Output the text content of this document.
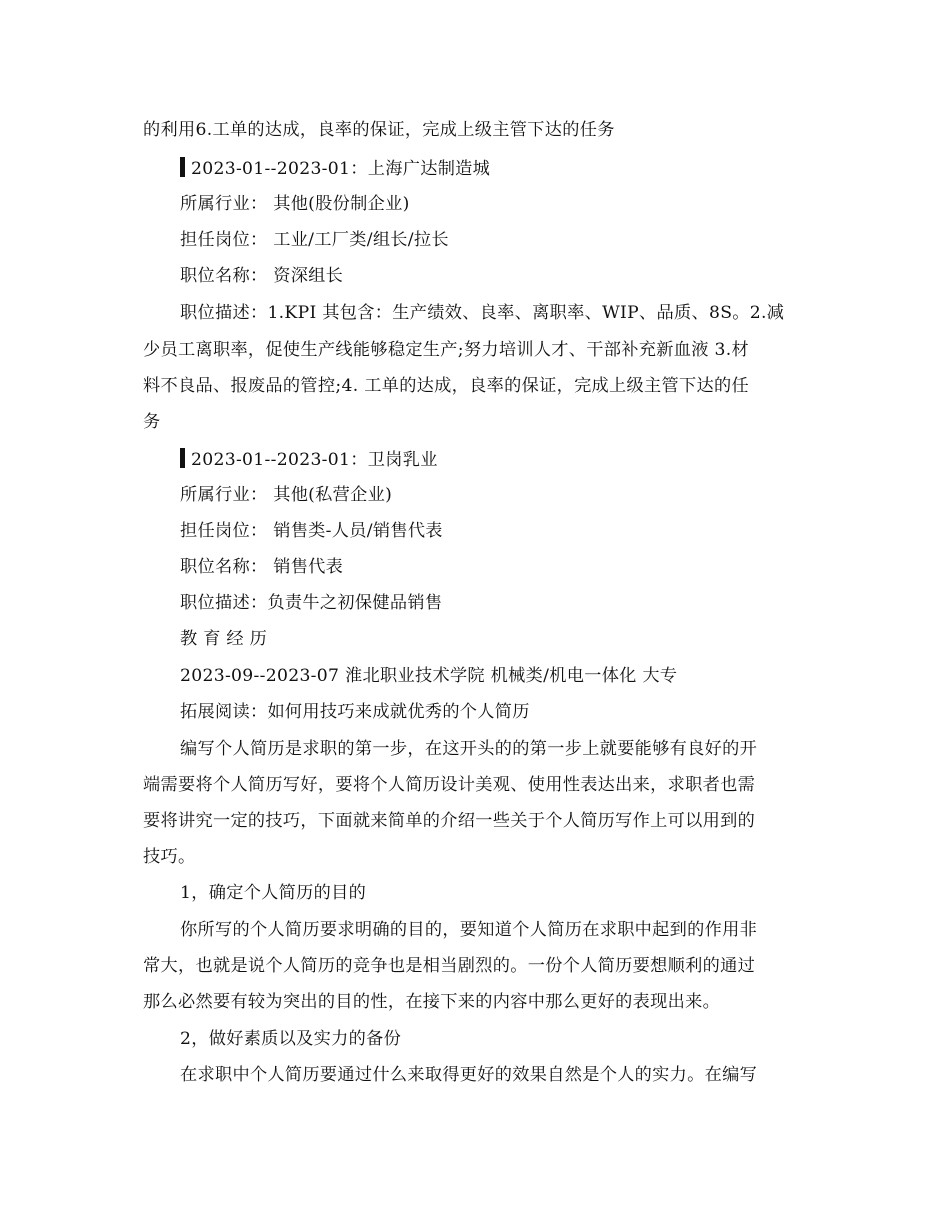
的利用6.工单的达成，良率的保证，完成上级主管下达的任务
2023-01--2023-01：上海广达制造城
所属行业： 其他(股份制企业)
担任岗位： 工业/工厂类/组长/拉长
职位名称： 资深组长
职位描述：1.KPI 其包含：生产绩效、良率、离职率、WIP、品质、8S。2.减
少员工离职率，促使生产线能够稳定生产;努力培训人才、干部补充新血液 3.材
料不良品、报废品的管控;4. 工单的达成，良率的保证，完成上级主管下达的任
务
2023-01--2023-01：卫岗乳业
所属行业： 其他(私营企业)
担任岗位： 销售类-人员/销售代表
职位名称： 销售代表
职位描述：负责牛之初保健品销售
教育经历
2023-09--2023-07 淮北职业技术学院 机械类/机电一体化 大专
拓展阅读：如何用技巧来成就优秀的个人简历
编写个人简历是求职的第一步，在这开头的的第一步上就要能够有良好的开
端需要将个人简历写好，要将个人简历设计美观、使用性表达出来，求职者也需
要将讲究一定的技巧，下面就来简单的介绍一些关于个人简历写作上可以用到的
技巧。
1，确定个人简历的目的
你所写的个人简历要求明确的目的，要知道个人简历在求职中起到的作用非
常大，也就是说个人简历的竞争也是相当剧烈的。一份个人简历要想顺利的通过
那么必然要有较为突出的目的性，在接下来的内容中那么更好的表现出来。
2，做好素质以及实力的备份
在求职中个人简历要通过什么来取得更好的效果自然是个人的实力。在编写
